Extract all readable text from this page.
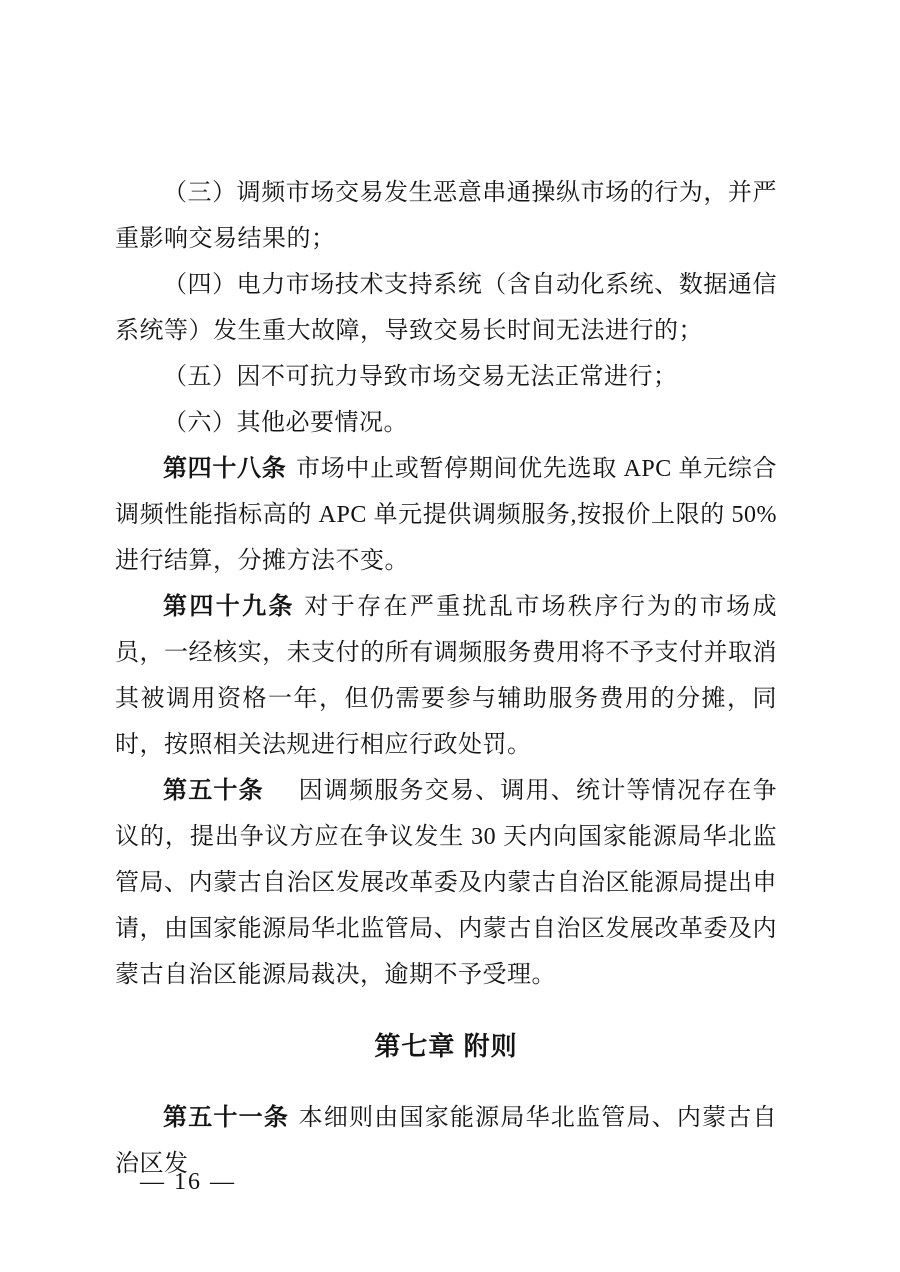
（三）调频市场交易发生恶意串通操纵市场的行为，并严重影响交易结果的；

（四）电力市场技术支持系统（含自动化系统、数据通信系统等）发生重大故障，导致交易长时间无法进行的；

（五）因不可抗力导致市场交易无法正常进行；

（六）其他必要情况。

第四十八条 市场中止或暂停期间优先选取 APC 单元综合调频性能指标高的 APC 单元提供调频服务,按报价上限的 50%进行结算，分摊方法不变。

第四十九条 对于存在严重扰乱市场秩序行为的市场成员，一经核实，未支付的所有调频服务费用将不予支付并取消其被调用资格一年，但仍需要参与辅助服务费用的分摊，同时，按照相关法规进行相应行政处罚。

第五十条　因调频服务交易、调用、统计等情况存在争议的，提出争议方应在争议发生 30 天内向国家能源局华北监管局、内蒙古自治区发展改革委及内蒙古自治区能源局提出申请，由国家能源局华北监管局、内蒙古自治区发展改革委及内蒙古自治区能源局裁决，逾期不予受理。

第七章 附则

第五十一条 本细则由国家能源局华北监管局、内蒙古自治区发

— 16 —
